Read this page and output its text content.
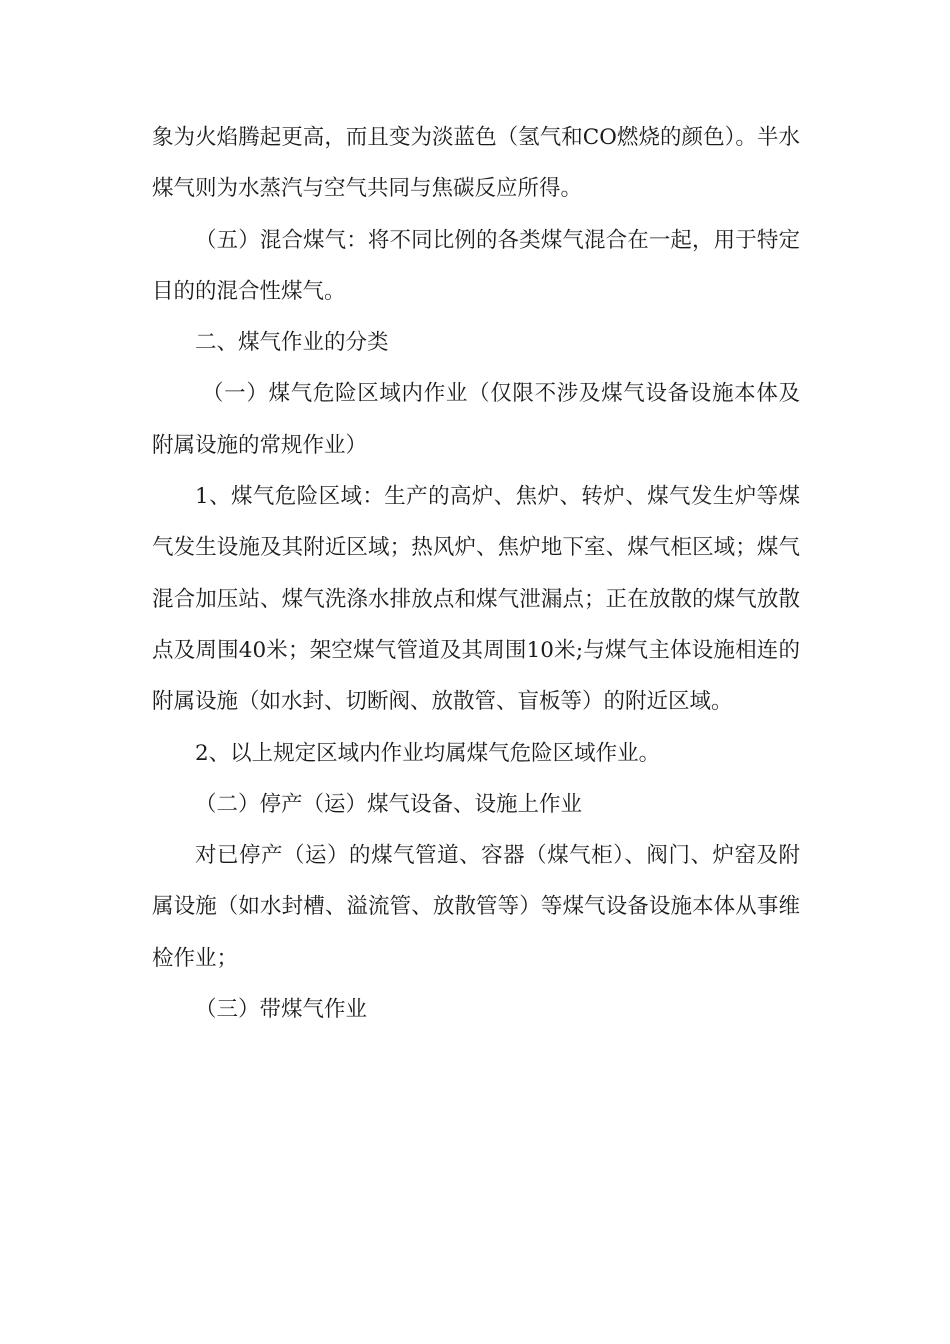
象为火焰腾起更高，而且变为淡蓝色（氢气和CO燃烧的颜色）。半水煤气则为水蒸汽与空气共同与焦碳反应所得。

（五）混合煤气：将不同比例的各类煤气混合在一起，用于特定目的的混合性煤气。

二、煤气作业的分类

（一）煤气危险区域内作业（仅限不涉及煤气设备设施本体及附属设施的常规作业）

1、煤气危险区域：生产的高炉、焦炉、转炉、煤气发生炉等煤气发生设施及其附近区域；热风炉、焦炉地下室、煤气柜区域；煤气混合加压站、煤气洗涤水排放点和煤气泄漏点；正在放散的煤气放散点及周围40米；架空煤气管道及其周围10米;与煤气主体设施相连的附属设施（如水封、切断阀、放散管、盲板等）的附近区域。

2、以上规定区域内作业均属煤气危险区域作业。

（二）停产（运）煤气设备、设施上作业

对已停产（运）的煤气管道、容器（煤气柜）、阀门、炉窑及附属设施（如水封槽、溢流管、放散管等）等煤气设备设施本体从事维检作业；

（三）带煤气作业
